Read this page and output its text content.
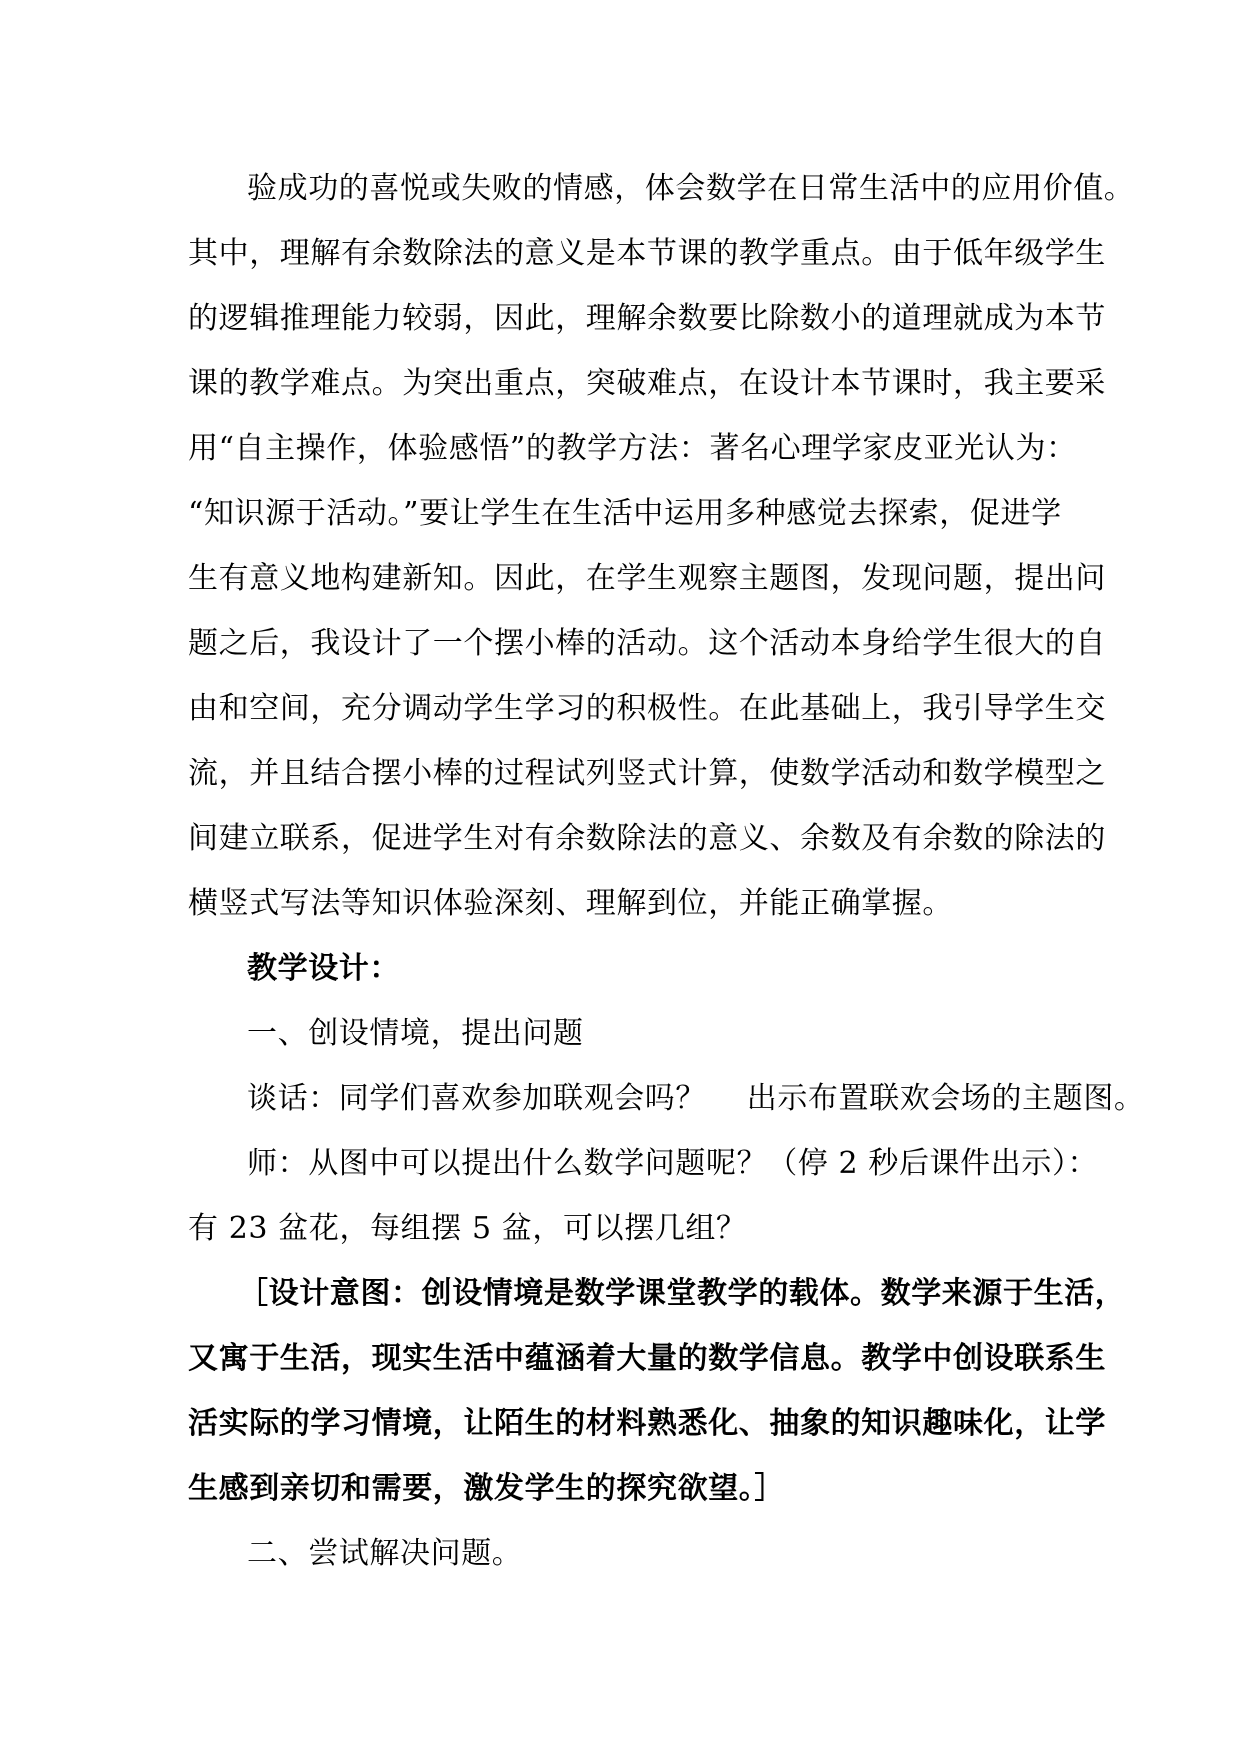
验成功的喜悦或失败的情感，体会数学在日常生活中的应用价值。
其中，理解有余数除法的意义是本节课的教学重点。由于低年级学生
的逻辑推理能力较弱，因此，理解余数要比除数小的道理就成为本节
课的教学难点。为突出重点，突破难点，在设计本节课时，我主要采
用“自主操作，体验感悟”的教学方法：著名心理学家皮亚光认为：
“知识源于活动。”要让学生在生活中运用多种感觉去探索，促进学
生有意义地构建新知。因此，在学生观察主题图，发现问题，提出问
题之后，我设计了一个摆小棒的活动。这个活动本身给学生很大的自
由和空间，充分调动学生学习的积极性。在此基础上，我引导学生交
流，并且结合摆小棒的过程试列竖式计算，使数学活动和数学模型之
间建立联系，促进学生对有余数除法的意义、余数及有余数的除法的
横竖式写法等知识体验深刻、理解到位，并能正确掌握。
教学设计：
一、创设情境，提出问题
谈话：同学们喜欢参加联观会吗？　 出示布置联欢会场的主题图。
师：从图中可以提出什么数学问题呢？（停 2 秒后课件出示）：
有 23 盆花，每组摆 5 盆，可以摆几组？
［设计意图：创设情境是数学课堂教学的载体。数学来源于生活，
又寓于生活，现实生活中蕴涵着大量的数学信息。教学中创设联系生
活实际的学习情境，让陌生的材料熟悉化、抽象的知识趣味化，让学
生感到亲切和需要，激发学生的探究欲望。］
二、尝试解决问题。
